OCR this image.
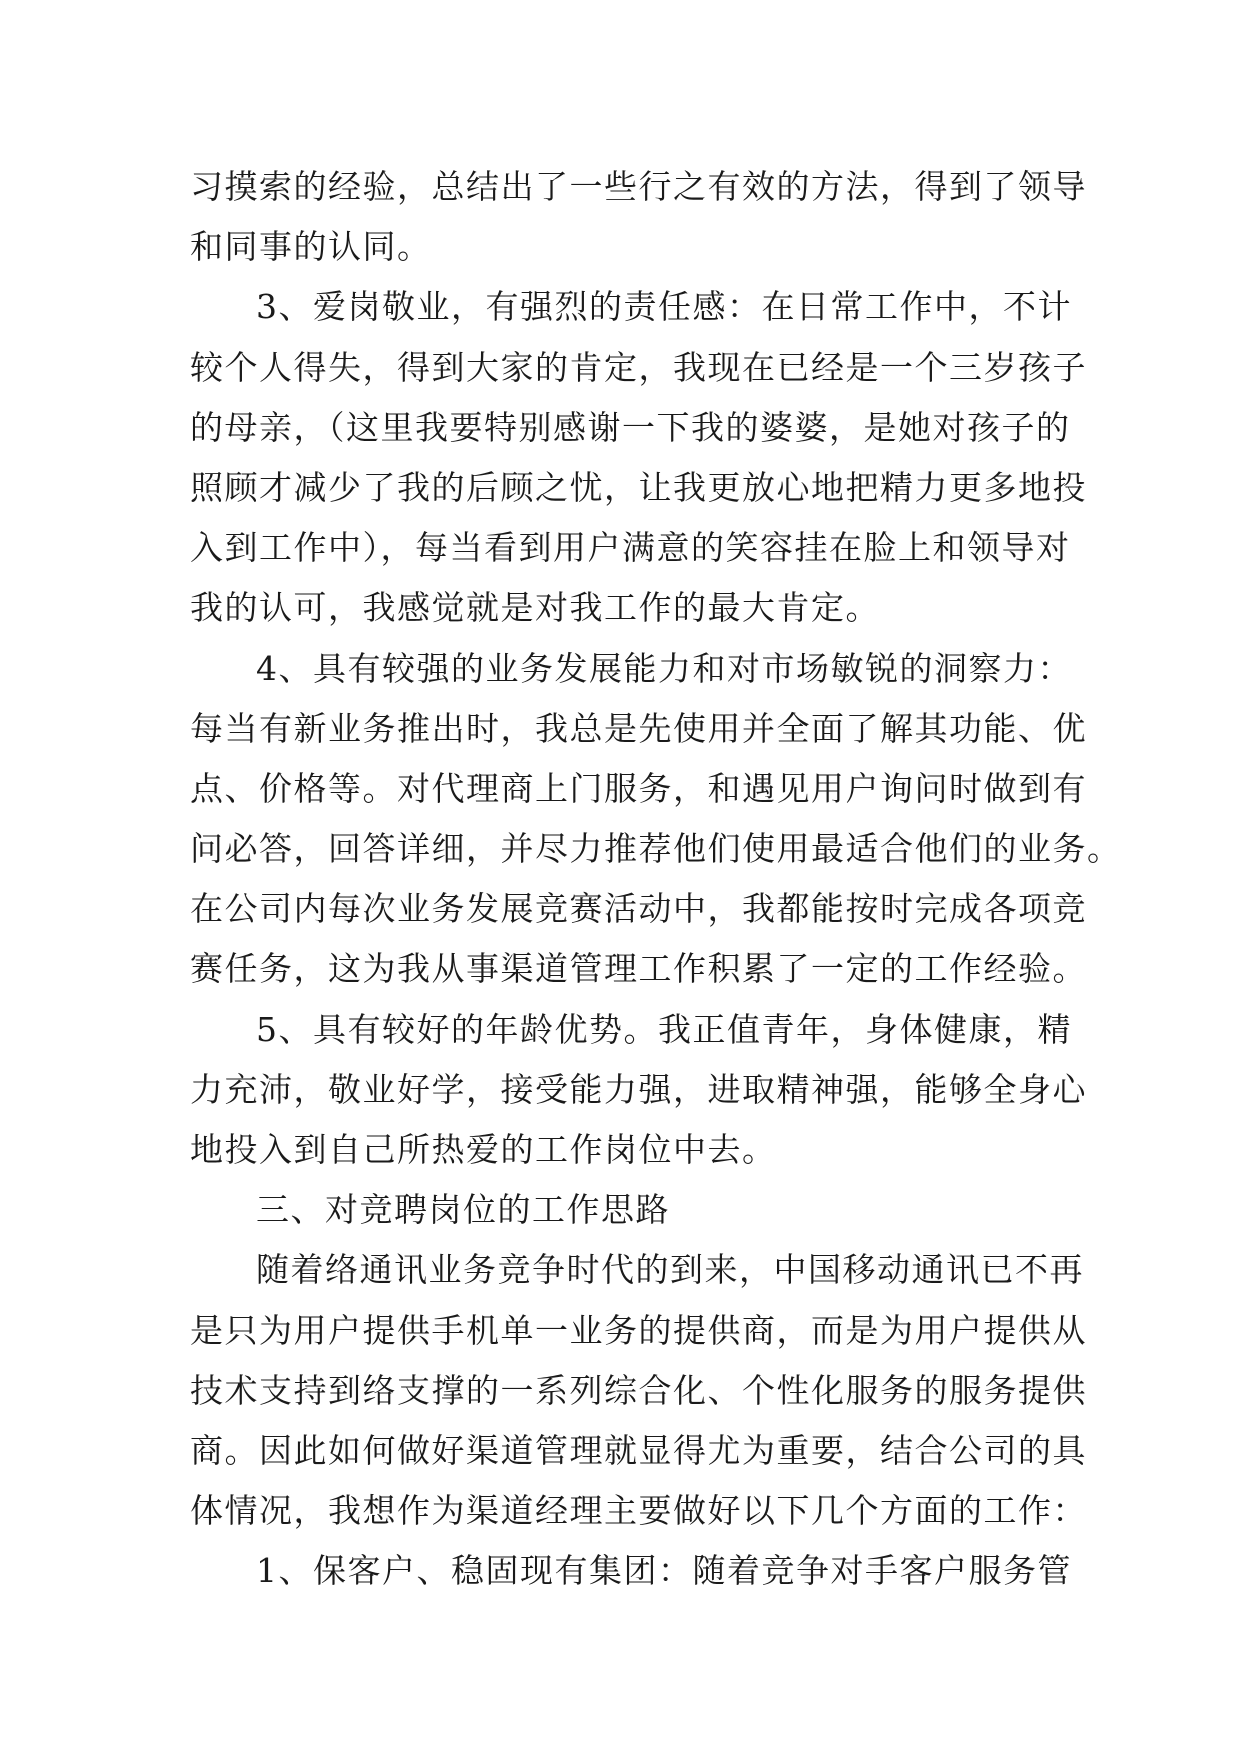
习摸索的经验，总结出了一些行之有效的方法，得到了领导
和同事的认同。
3、爱岗敬业，有强烈的责任感：在日常工作中，不计
较个人得失，得到大家的肯定，我现在已经是一个三岁孩子
的母亲，（这里我要特别感谢一下我的婆婆，是她对孩子的
照顾才减少了我的后顾之忧，让我更放心地把精力更多地投
入到工作中），每当看到用户满意的笑容挂在脸上和领导对
我的认可，我感觉就是对我工作的最大肯定。
4、具有较强的业务发展能力和对市场敏锐的洞察力：
每当有新业务推出时，我总是先使用并全面了解其功能、优
点、价格等。对代理商上门服务，和遇见用户询问时做到有
问必答，回答详细，并尽力推荐他们使用最适合他们的业务。
在公司内每次业务发展竞赛活动中，我都能按时完成各项竞
赛任务，这为我从事渠道管理工作积累了一定的工作经验。
5、具有较好的年龄优势。我正值青年，身体健康，精
力充沛，敬业好学，接受能力强，进取精神强，能够全身心
地投入到自己所热爱的工作岗位中去。
三、对竞聘岗位的工作思路
随着络通讯业务竞争时代的到来，中国移动通讯已不再
是只为用户提供手机单一业务的提供商，而是为用户提供从
技术支持到络支撑的一系列综合化、个性化服务的服务提供
商。因此如何做好渠道管理就显得尤为重要，结合公司的具
体情况，我想作为渠道经理主要做好以下几个方面的工作：
1、保客户、稳固现有集团：随着竞争对手客户服务管
